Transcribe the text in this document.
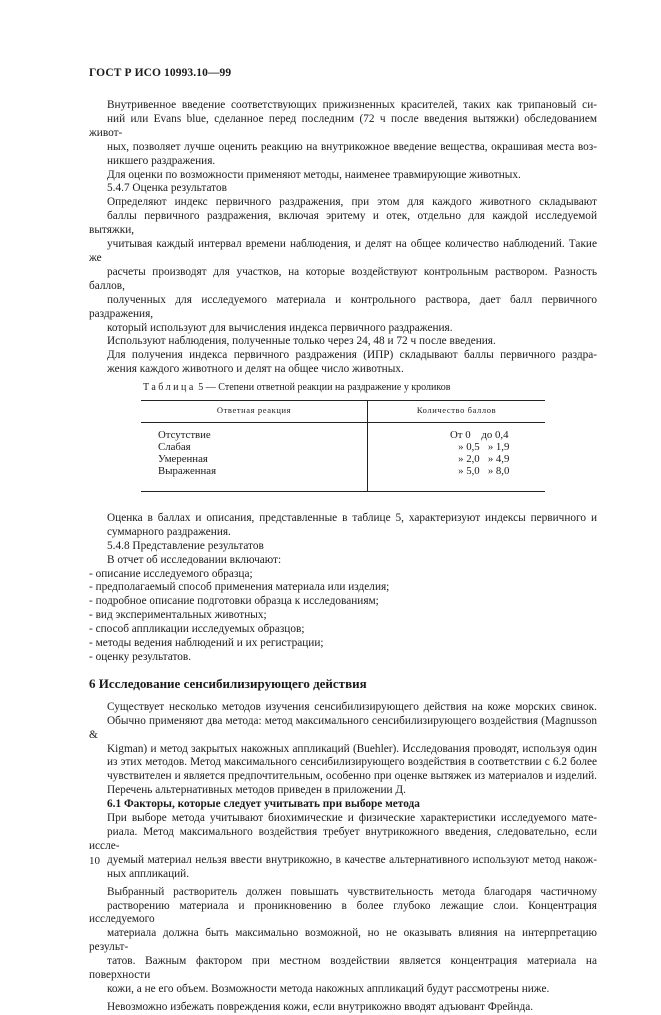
ГОСТ Р ИСО 10993.10—99
Внутривенное введение соответствующих прижизненных красителей, таких как трипановый си-
ний или Evans blue, сделанное перед последним (72 ч после введения вытяжки) обследованием живот-
ных, позволяет лучше оценить реакцию на внутрикожное введение вещества, окрашивая места воз-
никшего раздражения.
Для оценки по возможности применяют методы, наименее травмирующие животных.
5.4.7 Оценка результатов
Определяют индекс первичного раздражения, при этом для каждого животного складывают
баллы первичного раздражения, включая эритему и отек, отдельно для каждой исследуемой вытяжки,
учитывая каждый интервал времени наблюдения, и делят на общее количество наблюдений. Такие же
расчеты производят для участков, на которые воздействуют контрольным раствором. Разность баллов,
полученных для исследуемого материала и контрольного раствора, дает балл первичного раздражения,
который используют для вычисления индекса первичного раздражения.
Используют наблюдения, полученные только через 24, 48 и 72 ч после введения.
Для получения индекса первичного раздражения (ИПР) складывают баллы первичного раздра-
жения каждого животного и делят на общее число животных.
Таблица 5 — Степени ответной реакции на раздражение у кроликов
Ответная реакция	Количество баллов
Отсутствие	От 0 до 0,4
Слабая	» 0,5 » 1,9
Умеренная	» 2,0 » 4,9
Выраженная	» 5,0 » 8,0
Оценка в баллах и описания, представленные в таблице 5, характеризуют индексы первичного и
суммарного раздражения.
5.4.8 Представление результатов
В отчет об исследовании включают:
- описание исследуемого образца;
- предполагаемый способ применения материала или изделия;
- подробное описание подготовки образца к исследованиям;
- вид экспериментальных животных;
- способ аппликации исследуемых образцов;
- методы ведения наблюдений и их регистрации;
- оценку результатов.
6 Исследование сенсибилизирующего действия
Существует несколько методов изучения сенсибилизирующего действия на коже морских свинок.
Обычно применяют два метода: метод максимального сенсибилизирующего воздействия (Magnusson &
Kigman) и метод закрытых накожных аппликаций (Buehler). Исследования проводят, используя один
из этих методов. Метод максимального сенсибилизирующего воздействия в соответствии с 6.2 более
чувствителен и является предпочтительным, особенно при оценке вытяжек из материалов и изделий.
Перечень альтернативных методов приведен в приложении Д.
6.1 Факторы, которые следует учитывать при выборе метода
При выборе метода учитывают биохимические и физические характеристики исследуемого мате-
риала. Метод максимального воздействия требует внутрикожного введения, следовательно, если иссле-
дуемый материал нельзя ввести внутрикожно, в качестве альтернативного используют метод накож-
ных аппликаций.
Выбранный растворитель должен повышать чувствительность метода благодаря частичному
растворению материала и проникновению в более глубоко лежащие слои. Концентрация исследуемого
материала должна быть максимально возможной, но не оказывать влияния на интерпретацию результ-
татов. Важным фактором при местном воздействии является концентрация материала на поверхности
кожи, а не его объем. Возможности метода накожных аппликаций будут рассмотрены ниже.
Невозможно избежать повреждения кожи, если внутрикожно вводят адъювант Фрейнда.
10
